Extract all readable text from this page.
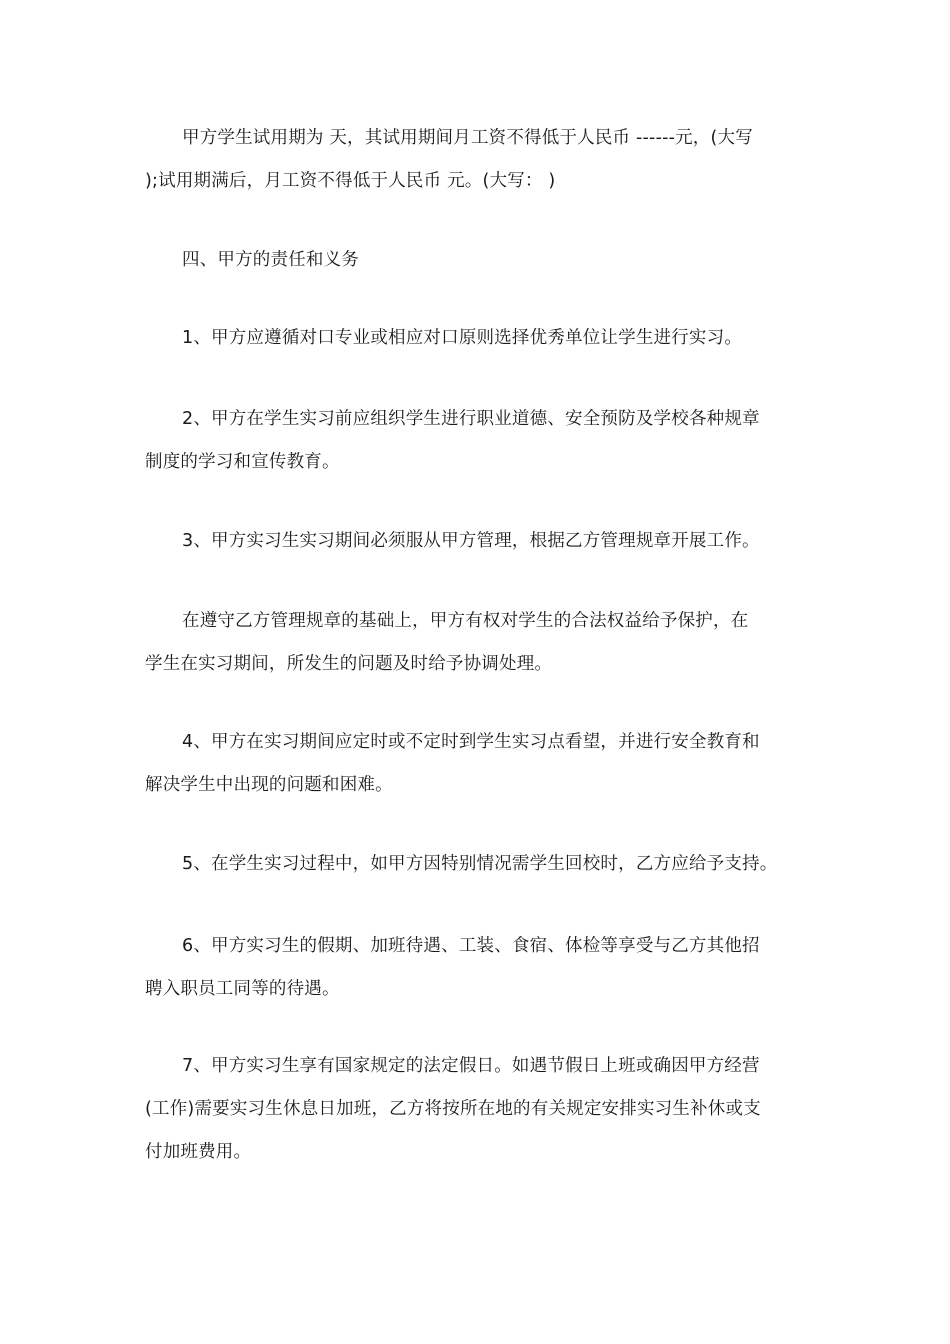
甲方学生试用期为 天，其试用期间月工资不得低于人民币 ------元，(大写
);试用期满后，月工资不得低于人民币 元。(大写： )

四、甲方的责任和义务

1、甲方应遵循对口专业或相应对口原则选择优秀单位让学生进行实习。

2、甲方在学生实习前应组织学生进行职业道德、安全预防及学校各种规章
制度的学习和宣传教育。

3、甲方实习生实习期间必须服从甲方管理，根据乙方管理规章开展工作。

在遵守乙方管理规章的基础上，甲方有权对学生的合法权益给予保护，在
学生在实习期间，所发生的问题及时给予协调处理。

4、甲方在实习期间应定时或不定时到学生实习点看望，并进行安全教育和
解决学生中出现的问题和困难。

5、在学生实习过程中，如甲方因特别情况需学生回校时，乙方应给予支持。

6、甲方实习生的假期、加班待遇、工装、食宿、体检等享受与乙方其他招
聘入职员工同等的待遇。

7、甲方实习生享有国家规定的法定假日。如遇节假日上班或确因甲方经营
(工作)需要实习生休息日加班，乙方将按所在地的有关规定安排实习生补休或支
付加班费用。
